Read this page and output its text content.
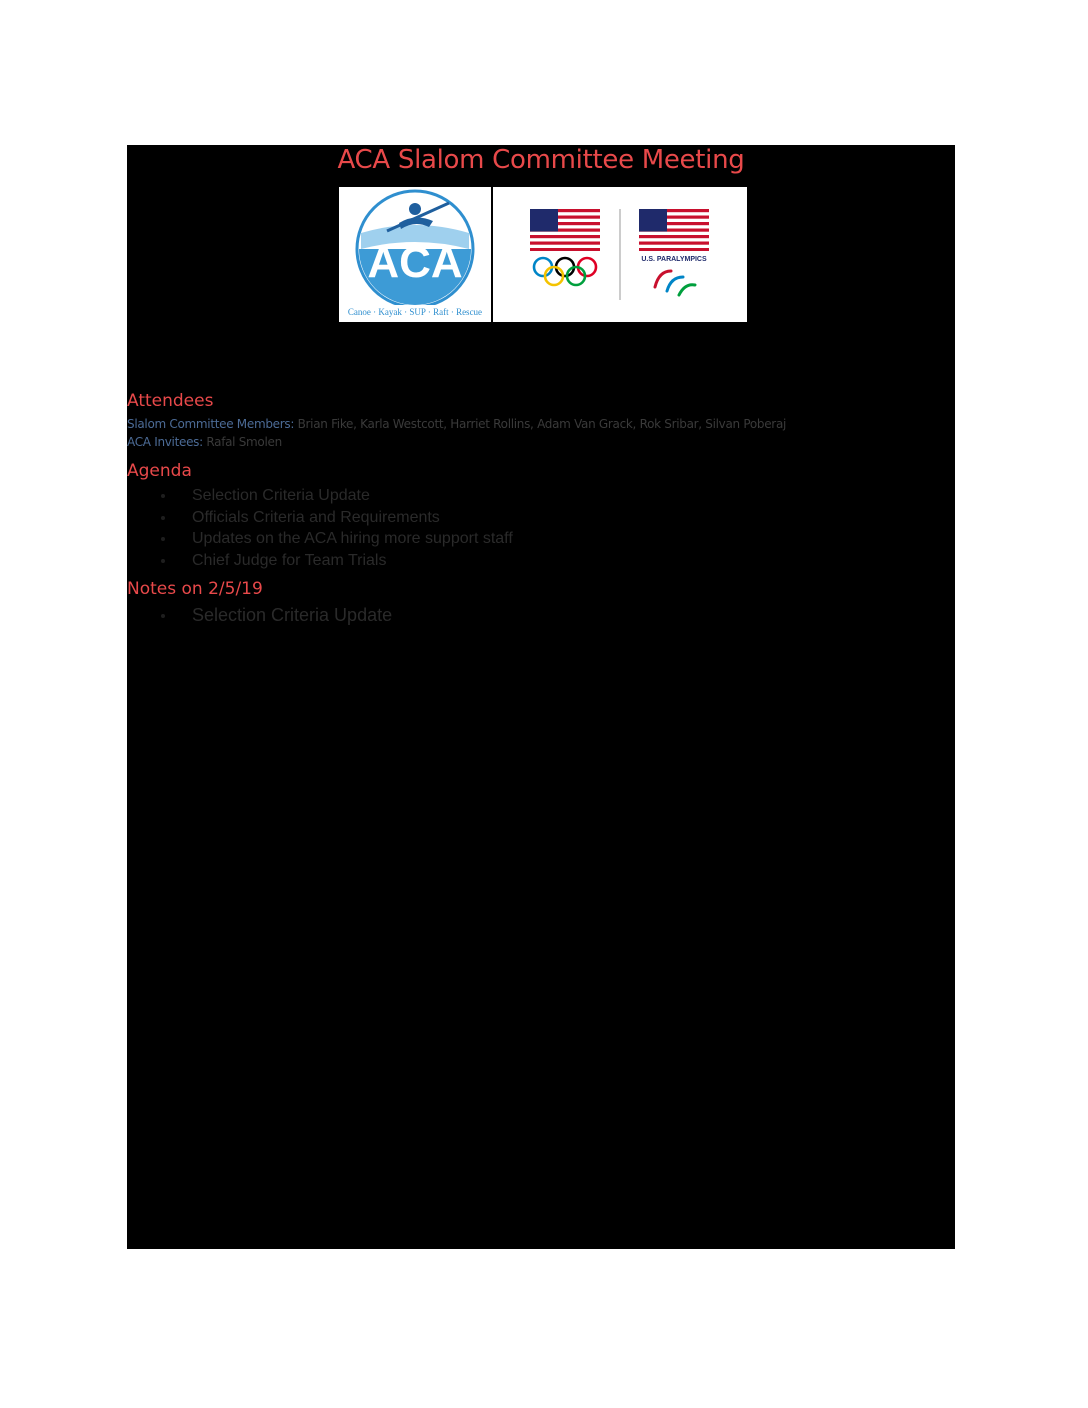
ACA Slalom Committee Meeting
ACA
Canoe · Kayak · SUP · Raft · Rescue
U.S. PARALYMPICS
Attendees
Slalom Committee Members: Brian Fike, Karla Westcott, Harriet Rollins, Adam Van Grack, Rok Sribar, Silvan Poberaj
ACA Invitees: Rafal Smolen
Agenda
Selection Criteria Update
Officials Criteria and Requirements
Updates on the ACA hiring more support staff
Chief Judge for Team Trials
Notes on 2/5/19
Selection Criteria Update
